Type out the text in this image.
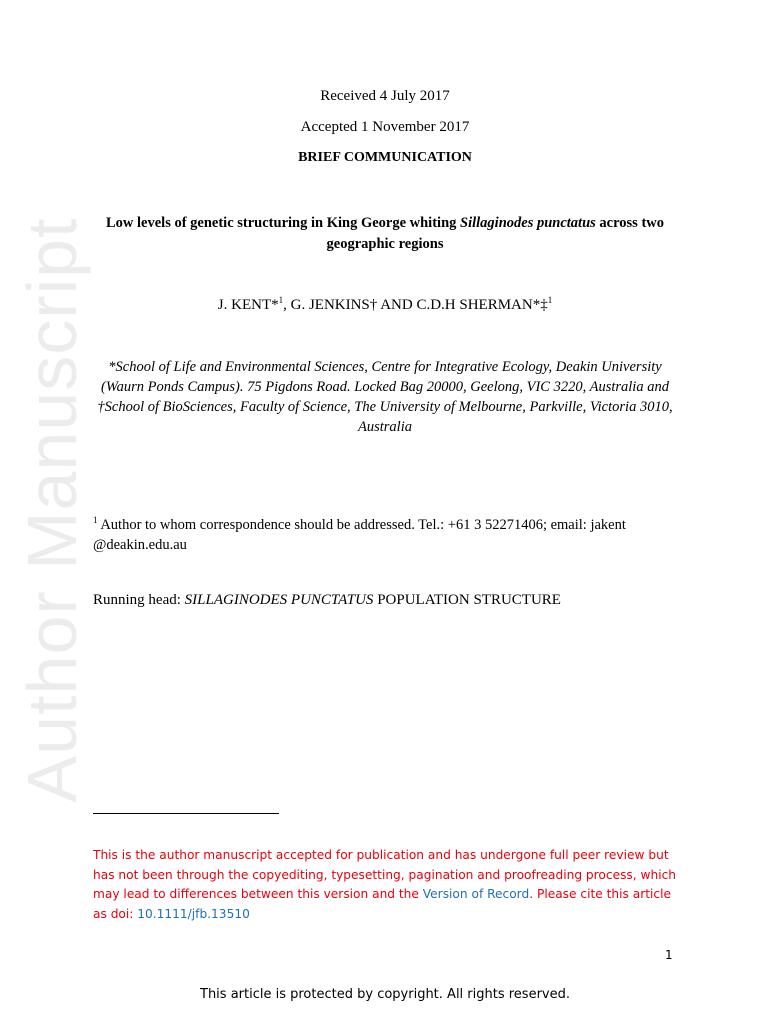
Author Manuscript
Received 4 July 2017
Accepted 1 November 2017
BRIEF COMMUNICATION
Low levels of genetic structuring in King George whiting Sillaginodes punctatus across two geographic regions
J. KENT*$^1$, G. JENKINS† AND C.D.H SHERMAN*‡$^1$
*School of Life and Environmental Sciences, Centre for Integrative Ecology, Deakin University (Waurn Ponds Campus). 75 Pigdons Road. Locked Bag 20000, Geelong, VIC 3220, Australia and †School of BioSciences, Faculty of Science, The University of Melbourne, Parkville, Victoria 3010, Australia
$^1$ Author to whom correspondence should be addressed. Tel.: +61 3 52271406; email: jakent @deakin.edu.au
Running head: SILLAGINODES PUNCTATUS POPULATION STRUCTURE
This is the author manuscript accepted for publication and has undergone full peer review but has not been through the copyediting, typesetting, pagination and proofreading process, which may lead to differences between this version and the Version of Record. Please cite this article as doi: 10.1111/jfb.13510
1
This article is protected by copyright. All rights reserved.
